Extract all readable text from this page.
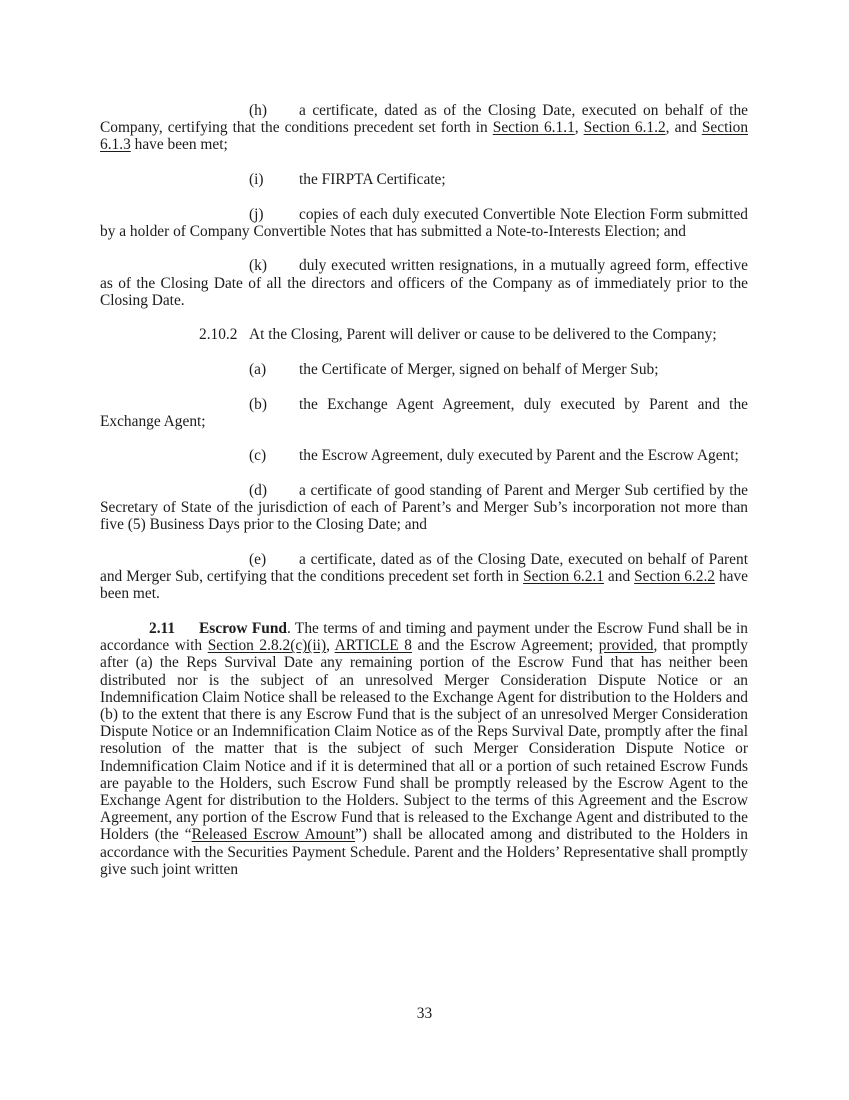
(h) a certificate, dated as of the Closing Date, executed on behalf of the Company, certifying that the conditions precedent set forth in Section 6.1.1, Section 6.1.2, and Section 6.1.3 have been met;

(i) the FIRPTA Certificate;

(j) copies of each duly executed Convertible Note Election Form submitted by a holder of Company Convertible Notes that has submitted a Note-to-Interests Election; and

(k) duly executed written resignations, in a mutually agreed form, effective as of the Closing Date of all the directors and officers of the Company as of immediately prior to the Closing Date.

2.10.2 At the Closing, Parent will deliver or cause to be delivered to the Company;

(a) the Certificate of Merger, signed on behalf of Merger Sub;

(b) the Exchange Agent Agreement, duly executed by Parent and the Exchange Agent;

(c) the Escrow Agreement, duly executed by Parent and the Escrow Agent;

(d) a certificate of good standing of Parent and Merger Sub certified by the Secretary of State of the jurisdiction of each of Parent’s and Merger Sub’s incorporation not more than five (5) Business Days prior to the Closing Date; and

(e) a certificate, dated as of the Closing Date, executed on behalf of Parent and Merger Sub, certifying that the conditions precedent set forth in Section 6.2.1 and Section 6.2.2 have been met.

2.11 Escrow Fund. The terms of and timing and payment under the Escrow Fund shall be in accordance with Section 2.8.2(c)(ii), ARTICLE 8 and the Escrow Agreement; provided, that promptly after (a) the Reps Survival Date any remaining portion of the Escrow Fund that has neither been distributed nor is the subject of an unresolved Merger Consideration Dispute Notice or an Indemnification Claim Notice shall be released to the Exchange Agent for distribution to the Holders and (b) to the extent that there is any Escrow Fund that is the subject of an unresolved Merger Consideration Dispute Notice or an Indemnification Claim Notice as of the Reps Survival Date, promptly after the final resolution of the matter that is the subject of such Merger Consideration Dispute Notice or Indemnification Claim Notice and if it is determined that all or a portion of such retained Escrow Funds are payable to the Holders, such Escrow Fund shall be promptly released by the Escrow Agent to the Exchange Agent for distribution to the Holders. Subject to the terms of this Agreement and the Escrow Agreement, any portion of the Escrow Fund that is released to the Exchange Agent and distributed to the Holders (the “Released Escrow Amount”) shall be allocated among and distributed to the Holders in accordance with the Securities Payment Schedule. Parent and the Holders’ Representative shall promptly give such joint written

33
